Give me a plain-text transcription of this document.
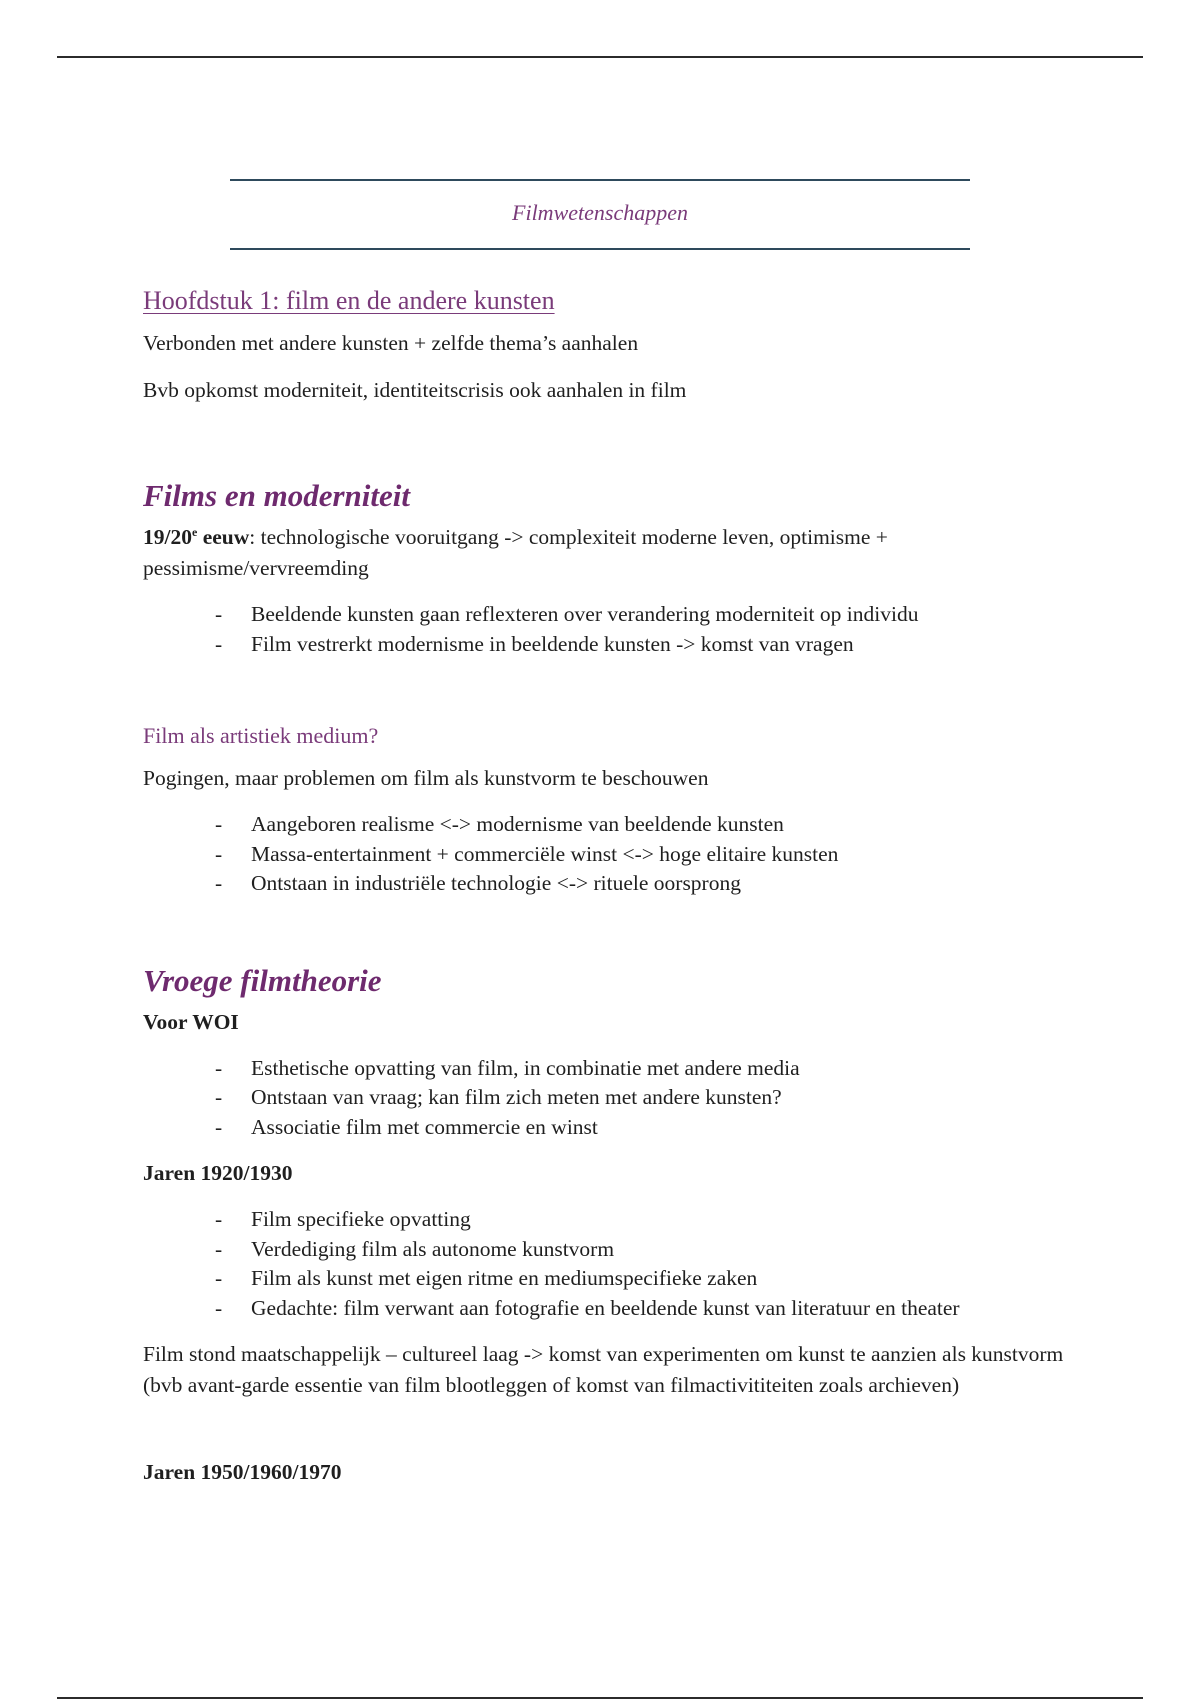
Filmwetenschappen
Hoofdstuk 1: film en de andere kunsten

Verbonden met andere kunsten + zelfde thema’s aanhalen

Bvb opkomst moderniteit, identiteitscrisis ook aanhalen in film

Films en moderniteit

19/20e eeuw: technologische vooruitgang -> complexiteit moderne leven, optimisme + pessimisme/vervreemding

- Beeldende kunsten gaan reflexteren over verandering moderniteit op individu
- Film vestrerkt modernisme in beeldende kunsten -> komst van vragen
Film als artistiek medium?

Pogingen, maar problemen om film als kunstvorm te beschouwen

- Aangeboren realisme <-> modernisme van beeldende kunsten
- Massa-entertainment + commerciële winst <-> hoge elitaire kunsten
- Ontstaan in industriële technologie <-> rituele oorsprong
Vroege filmtheorie

Voor WOI

- Esthetische opvatting van film, in combinatie met andere media
- Ontstaan van vraag; kan film zich meten met andere kunsten?
- Associatie film met commercie en winst

Jaren 1920/1930

- Film specifieke opvatting
- Verdediging film als autonome kunstvorm
- Film als kunst met eigen ritme en mediumspecifieke zaken
- Gedachte: film verwant aan fotografie en beeldende kunst van literatuur en theater

Film stond maatschappelijk – cultureel laag -> komst van experimenten om kunst te aanzien als kunstvorm (bvb avant-garde essentie van film blootleggen of komst van filmactivititeiten zoals archieven)

Jaren 1950/1960/1970
